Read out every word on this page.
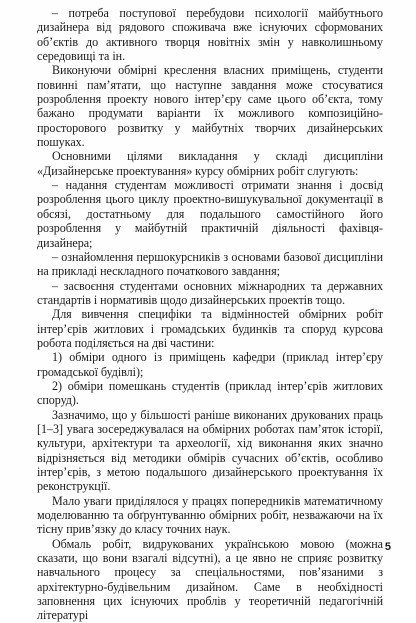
– потреба поступової перебудови психології майбутнього дизайнера від рядового споживача вже існуючих сформованих об’єктів до активного творця новітніх змін у навколишньому середовищі та ін.

Виконуючи обмірні креслення власних приміщень, студенти повинні пам’ятати, що наступне завдання може стосуватися розроблення проекту нового інтер’єру саме цього об’єкта, тому бажано продумати варіанти їх можливого композиційно-просторового розвитку у майбутніх творчих дизайнерських пошуках.

Основними цілями викладання у складі дисципліни «Дизайнерське проектування» курсу обмірних робіт слугують:

– надання студентам можливості отримати знання і досвід розроблення цього циклу проектно-вишукувальної документації в обсязі, достатньому для подальшого самостійного його розроблення у майбутній практичній діяльності фахівця-дизайнера;

– ознайомлення першокурсників з основами базової дисципліни на прикладі нескладного початкового завдання;

– засвоєння студентами основних міжнародних та державних стандартів і нормативів щодо дизайнерських проектів тощо.

Для вивчення специфіки та відмінностей обмірних робіт інтер’єрів житлових і громадських будинків та споруд курсова робота поділяється на дві частини:

1) обміри одного із приміщень кафедри (приклад інтер’єру громадської будівлі);

2) обміри помешкань студентів (приклад інтер’єрів житлових споруд).

Зазначимо, що у більшості раніше виконаних друкованих праць [1–3] увага зосереджувалася на обмірних роботах пам’яток історії, культури, архітектури та археології, хід виконання яких значно відрізняється від методики обмірів сучасних об’єктів, особливо інтер’єрів, з метою подальшого дизайнерського проектування їх реконструкції.

Мало уваги приділялося у працях попередників математичному моделюванню та обґрунтуванню обмірних робіт, незважаючи на їх тісну прив’язку до класу точних наук.

Обмаль робіт, видрукованих українською мовою (можна сказати, що вони взагалі відсутні), а це явно не сприяє розвитку навчального процесу за спеціальностями, пов’язаними з архітектурно-будівельним дизайном. Саме в необхідності заповнення цих існуючих проблів у теоретичній педагогічній літературі

5
